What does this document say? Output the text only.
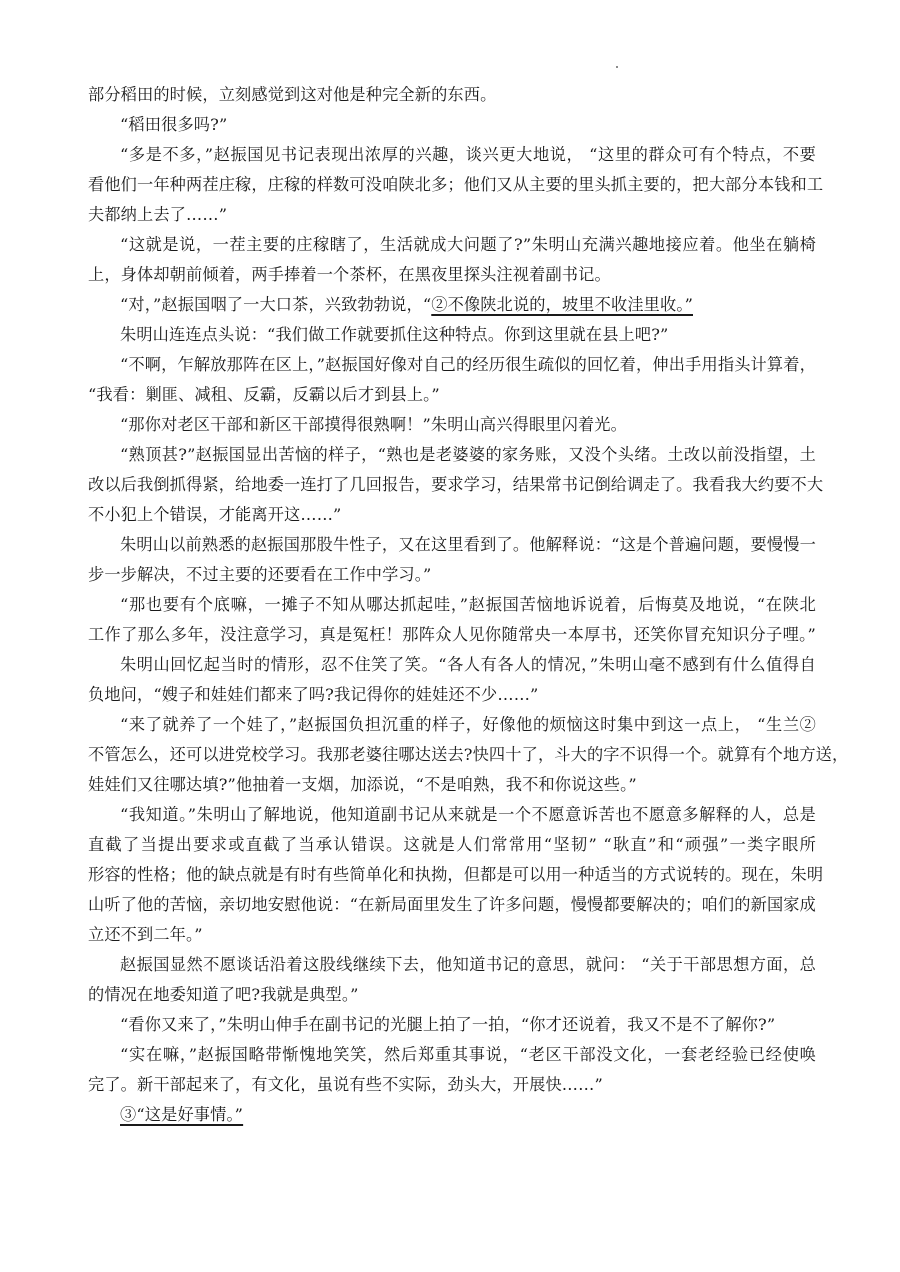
部分稻田的时候，立刻感觉到这对他是种完全新的东西。
“稻田很多吗?”
“多是不多，”赵振国见书记表现出浓厚的兴趣，谈兴更大地说， “这里的群众可有个特点，不要
看他们一年种两茬庄稼，庄稼的样数可没咱陕北多；他们又从主要的里头抓主要的，把大部分本钱和工
夫都纳上去了……”
“这就是说，一茬主要的庄稼瞎了，生活就成大问题了?”朱明山充满兴趣地接应着。他坐在躺椅
上，身体却朝前倾着，两手捧着一个茶杯，在黑夜里探头注视着副书记。
“对，”赵振国咽了一大口茶，兴致勃勃说，“②不像陕北说的，坡里不收洼里收。”
朱明山连连点头说：“我们做工作就要抓住这种特点。你到这里就在县上吧?”
“不啊，乍解放那阵在区上，”赵振国好像对自己的经历很生疏似的回忆着，伸出手用指头计算着，
“我看：剿匪、减租、反霸，反霸以后才到县上。”
“那你对老区干部和新区干部摸得很熟啊！”朱明山高兴得眼里闪着光。
“熟顶甚?”赵振国显出苦恼的样子，“熟也是老婆婆的家务账，又没个头绪。土改以前没指望，土
改以后我倒抓得紧，给地委一连打了几回报告，要求学习，结果常书记倒给调走了。我看我大约要不大
不小犯上个错误，才能离开这……”
朱明山以前熟悉的赵振国那股牛性子，又在这里看到了。他解释说：“这是个普遍问题，要慢慢一
步一步解决，不过主要的还要看在工作中学习。”
“那也要有个底嘛，一摊子不知从哪达抓起哇，”赵振国苦恼地诉说着，后悔莫及地说，“在陕北
工作了那么多年，没注意学习，真是冤枉！那阵众人见你随常央一本厚书，还笑你冒充知识分子哩。”
朱明山回忆起当时的情形，忍不住笑了笑。“各人有各人的情况，”朱明山毫不感到有什么值得自
负地问，“嫂子和娃娃们都来了吗?我记得你的娃娃还不少……”
“来了就养了一个娃了，”赵振国负担沉重的样子，好像他的烦恼这时集中到这一点上， “生兰②
不管怎么，还可以进党校学习。我那老婆往哪达送去?快四十了，斗大的字不识得一个。就算有个地方送，
娃娃们又往哪达填?”他抽着一支烟，加添说，“不是咱熟，我不和你说这些。”
“我知道。”朱明山了解地说，他知道副书记从来就是一个不愿意诉苦也不愿意多解释的人，总是
直截了当提出要求或直截了当承认错误。这就是人们常常用“坚韧” “耿直”和“顽强”一类字眼所
形容的性格；他的缺点就是有时有些简单化和执拗，但都是可以用一种适当的方式说转的。现在，朱明
山听了他的苦恼，亲切地安慰他说：“在新局面里发生了许多问题，慢慢都要解决的；咱们的新国家成
立还不到二年。”
赵振国显然不愿谈话沿着这股线继续下去，他知道书记的意思，就问： “关于干部思想方面，总
的情况在地委知道了吧?我就是典型。”
“看你又来了，”朱明山伸手在副书记的光腿上拍了一拍，“你才还说着，我又不是不了解你?”
“实在嘛，”赵振国略带惭愧地笑笑，然后郑重其事说，“老区干部没文化，一套老经验已经使唤
完了。新干部起来了，有文化，虽说有些不实际，劲头大，开展快……”
③“这是好事情。”
